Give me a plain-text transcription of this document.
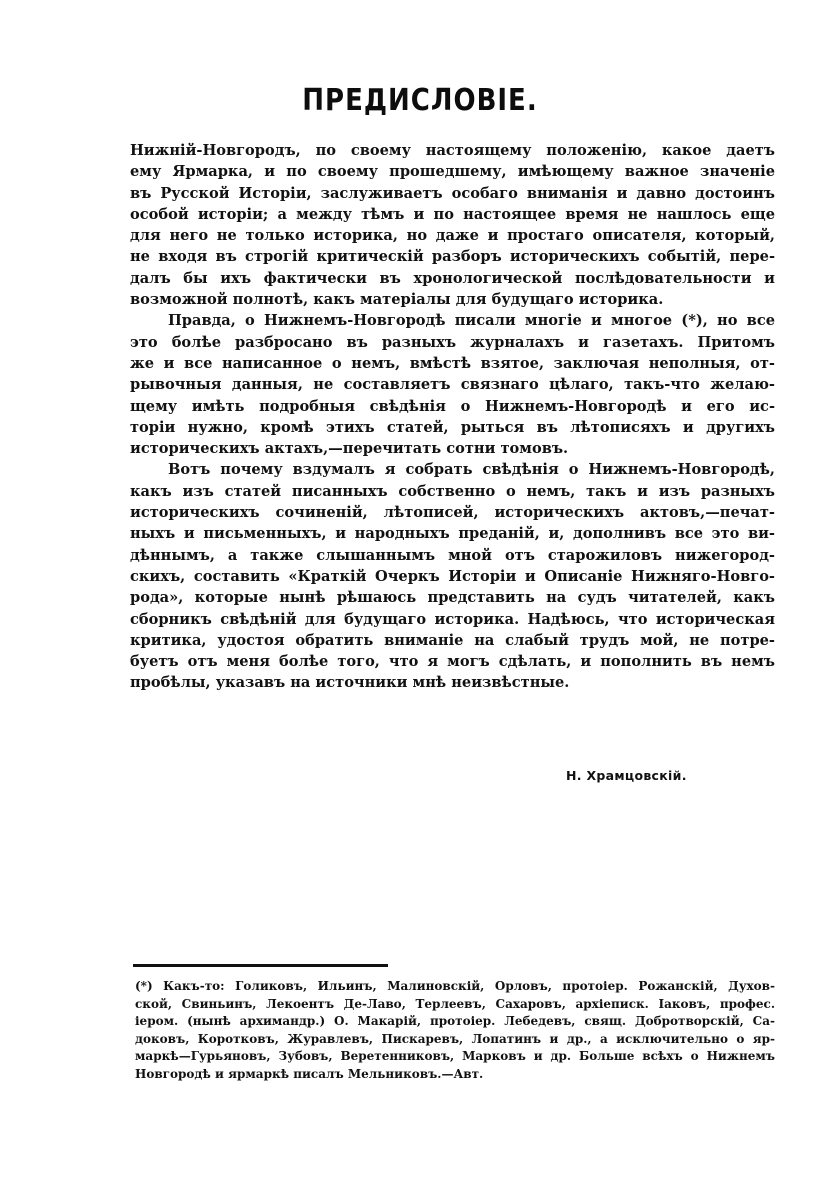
ПРЕДИСЛОВІЕ.

Нижній-Новгородъ, по своему настоящему положенію, какое даетъ
ему Ярмарка, и по своему прошедшему, имѣющему важное значеніе
въ Русской Исторіи, заслуживаетъ особаго вниманія и давно достоинъ
особой исторіи; а между тѣмъ и по настоящее время не нашлось еще
для него не только историка, но даже и простаго описателя, который,
не входя въ строгій критическій разборъ историческихъ событій, пере-
далъ бы ихъ фактически въ хронологической послѣдовательности и
возможной полнотѣ, какъ матеріалы для будущаго историка.

Правда, о Нижнемъ-Новгородѣ писали многіе и многое (*), но все
это болѣе разбросано въ разныхъ журналахъ и газетахъ. Притомъ
же и все написанное о немъ, вмѣстѣ взятое, заключая неполныя, от-
рывочныя данныя, не составляетъ связнаго цѣлаго, такъ-что желаю-
щему имѣть подробныя свѣдѣнія о Нижнемъ-Новгородѣ и его ис-
торіи нужно, кромѣ этихъ статей, рыться въ лѣтописяхъ и другихъ
историческихъ актахъ,—перечитать сотни томовъ.

Вотъ почему вздумалъ я собрать свѣдѣнія о Нижнемъ-Новгородѣ,
какъ изъ статей писанныхъ собственно о немъ, такъ и изъ разныхъ
историческихъ сочиненій, лѣтописей, историческихъ актовъ,—печат-
ныхъ и письменныхъ, и народныхъ преданій, и, дополнивъ все это ви-
дѣннымъ, а также слышаннымъ мной отъ старожиловъ нижегород-
скихъ, составить «Краткій Очеркъ Исторіи и Описаніе Нижняго-Новго-
рода», которые нынѣ рѣшаюсь представить на судъ читателей, какъ
сборникъ свѣдѣній для будущаго историка. Надѣюсь, что историческая
критика, удостоя обратить вниманіе на слабый трудъ мой, не потре-
буетъ отъ меня болѣе того, что я могъ сдѣлать, и пополнить въ немъ
пробѣлы, указавъ на источники мнѣ неизвѣстные.

Н. Храмцовскій.
(*) Какъ-то: Голиковъ, Ильинъ, Малиновскій, Орловъ, протоіер. Рожанскій, Духов-
ской, Свиньинъ, Лекоентъ Де-Лаво, Терлеевъ, Сахаровъ, архіепиcк. Іаковъ, профес.
іером. (нынѣ архимандр.) О. Макарій, протоіер. Лебедевъ, свящ. Добротворскій, Са-
доковъ, Коротковъ, Журавлевъ, Пискаревъ, Лопатинъ и др., а исключительно о яр-
маркѣ—Гурьяновъ, Зубовъ, Веретенниковъ, Марковъ и др. Больше всѣхъ о Нижнемъ
Новгородѣ и ярмаркѣ писалъ Мельниковъ.—Авт.
